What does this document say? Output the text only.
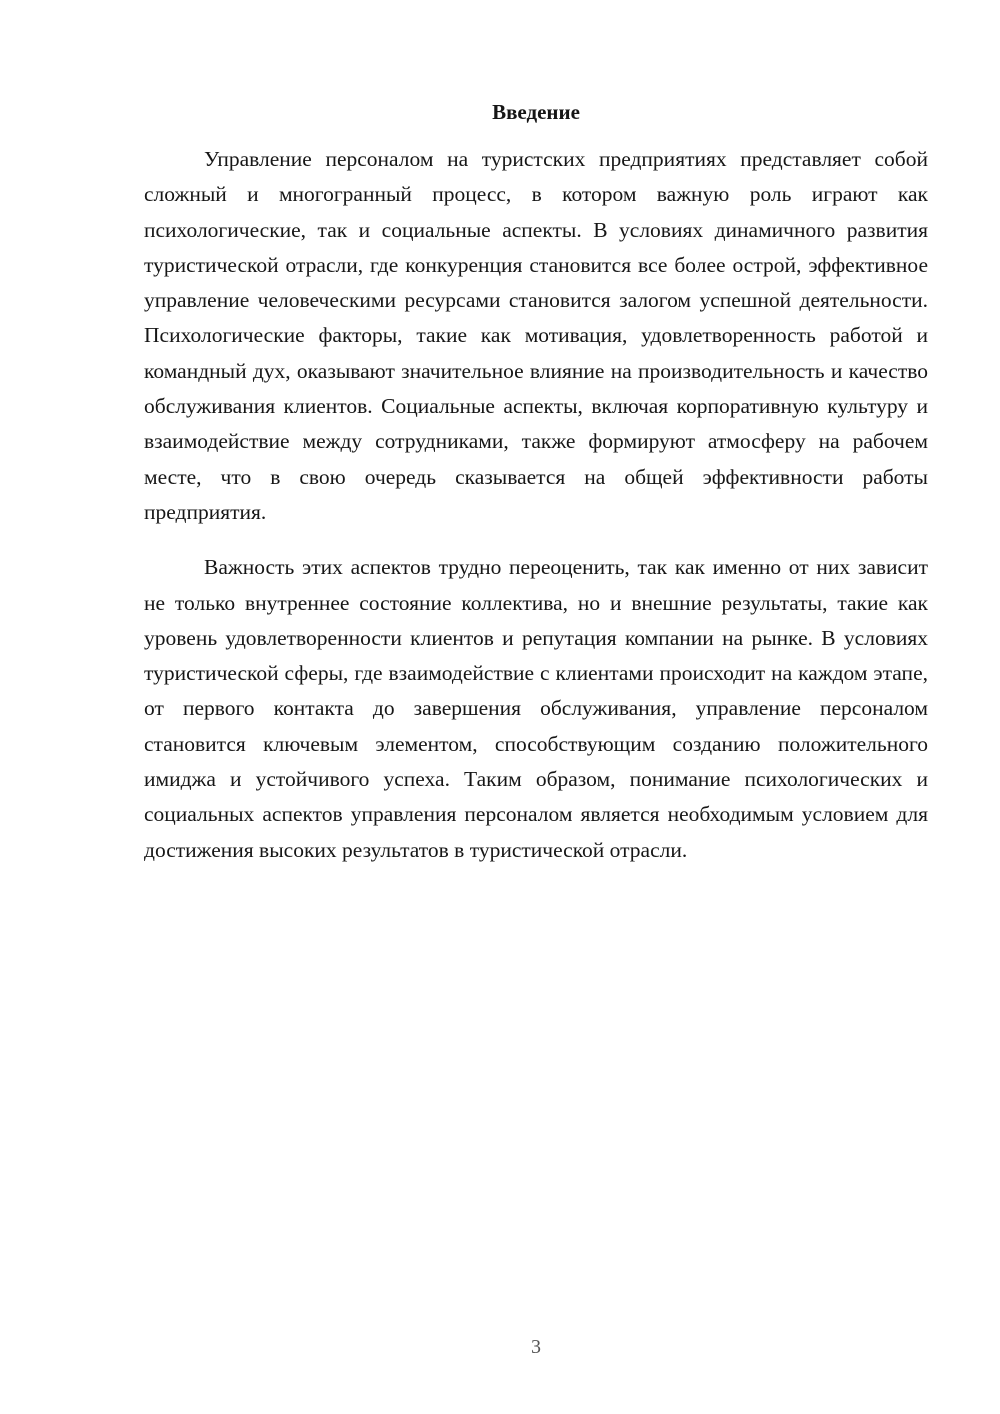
Введение

Управление персоналом на туристских предприятиях представляет собой сложный и многогранный процесс, в котором важную роль играют как психологические, так и социальные аспекты. В условиях динамичного развития туристической отрасли, где конкуренция становится все более острой, эффективное управление человеческими ресурсами становится залогом успешной деятельности. Психологические факторы, такие как мотивация, удовлетворенность работой и командный дух, оказывают значительное влияние на производительность и качество обслуживания клиентов. Социальные аспекты, включая корпоративную культуру и взаимодействие между сотрудниками, также формируют атмосферу на рабочем месте, что в свою очередь сказывается на общей эффективности работы предприятия.

Важность этих аспектов трудно переоценить, так как именно от них зависит не только внутреннее состояние коллектива, но и внешние результаты, такие как уровень удовлетворенности клиентов и репутация компании на рынке. В условиях туристической сферы, где взаимодействие с клиентами происходит на каждом этапе, от первого контакта до завершения обслуживания, управление персоналом становится ключевым элементом, способствующим созданию положительного имиджа и устойчивого успеха. Таким образом, понимание психологических и социальных аспектов управления персоналом является необходимым условием для достижения высоких результатов в туристической отрасли.

3
